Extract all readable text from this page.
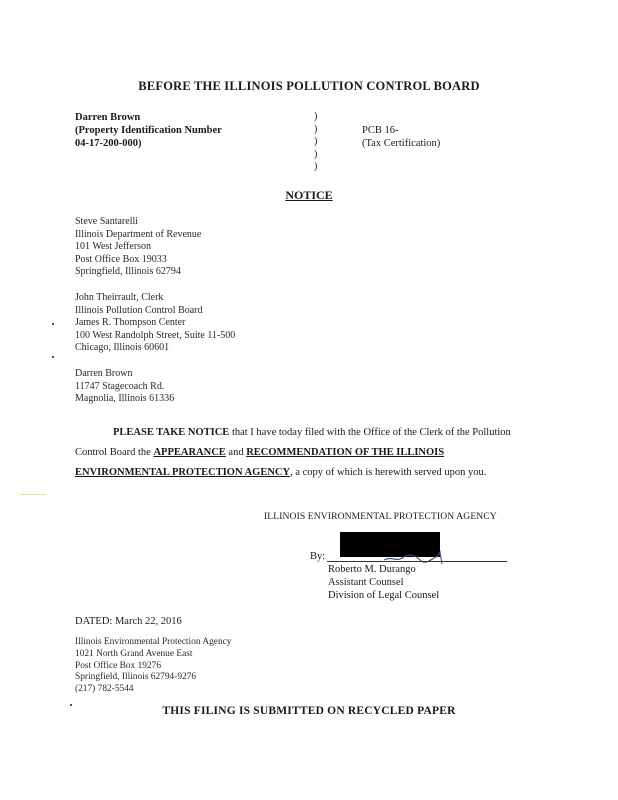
BEFORE THE ILLINOIS POLLUTION CONTROL BOARD
Darren Brown
(Property Identification Number
04-17-200-000)
)
)
)
)
)
PCB 16-
(Tax Certification)
NOTICE
Steve Santarelli
Illinois Department of Revenue
101 West Jefferson
Post Office Box 19033
Springfield, Illinois 62794
John Theirrault, Clerk
Illinois Pollution Control Board
James R. Thompson Center
100 West Randolph Street, Suite 11-500
Chicago, Illinois 60601
Darren Brown
11747 Stagecoach Rd.
Magnolia, Illinois 61336
PLEASE TAKE NOTICE that I have today filed with the Office of the Clerk of the Pollution
Control Board the APPEARANCE and RECOMMENDATION OF THE ILLINOIS
ENVIRONMENTAL PROTECTION AGENCY, a copy of which is herewith served upon you.
ILLINOIS ENVIRONMENTAL PROTECTION AGENCY
By:
Roberto M. Durango
Assistant Counsel
Division of Legal Counsel
DATED: March 22, 2016
Illinois Environmental Protection Agency
1021 North Grand Avenue East
Post Office Box 19276
Springfield, Illinois 62794-9276
(217) 782-5544
THIS FILING IS SUBMITTED ON RECYCLED PAPER
